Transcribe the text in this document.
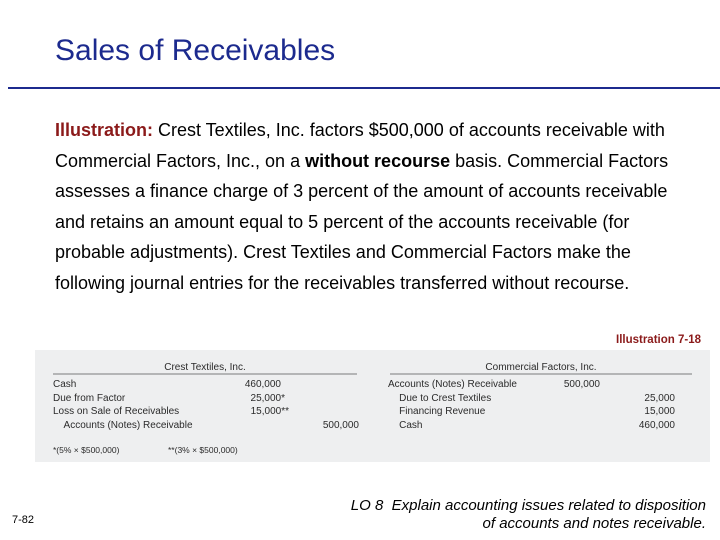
Sales of Receivables

Illustration: Crest Textiles, Inc. factors $500,000 of accounts receivable with Commercial Factors, Inc., on a without recourse basis. Commercial Factors assesses a finance charge of 3 percent of the amount of accounts receivable and retains an amount equal to 5 percent of the accounts receivable (for probable adjustments). Crest Textiles and Commercial Factors make the following journal entries for the receivables transferred without recourse.

Illustration 7-18
Crest Textiles, Inc.
Cash	460,000
Due from Factor	25,000*
Loss on Sale of Receivables	15,000**
Accounts (Notes) Receivable	500,000
*(5% × $500,000)	**(3% × $500,000)
Commercial Factors, Inc.
Accounts (Notes) Receivable	500,000
Due to Crest Textiles	25,000
Financing Revenue	15,000
Cash	460,000
7-82
LO 8  Explain accounting issues related to disposition
of accounts and notes receivable.
